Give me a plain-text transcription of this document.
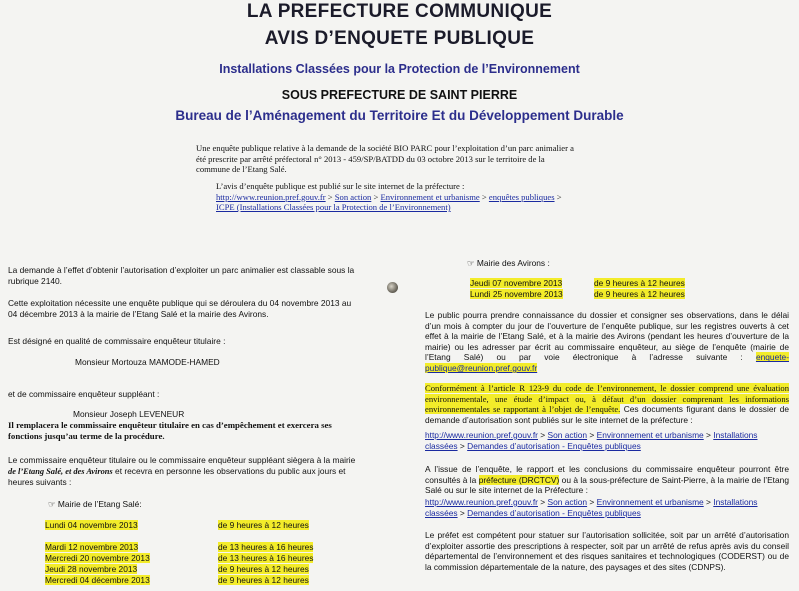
LA PREFECTURE COMMUNIQUE
AVIS D’ENQUETE PUBLIQUE
Installations Classées pour la Protection de l’Environnement
SOUS PREFECTURE DE SAINT PIERRE
Bureau de l’Aménagement du Territoire Et du Développement Durable
Une enquête publique relative à la demande de la société BIO PARC pour l’exploitation d’un parc animalier a été prescrite par arrêté préfectoral n° 2013 - 459/SP/BATDD du 03 octobre 2013 sur le territoire de la commune de l’Etang Salé.
L’avis d’enquête publique est publié sur le site internet de la préfecture :
http://www.reunion.pref.gouv.fr > Son action > Environnement et urbanisme > enquêtes publiques > ICPE (Installations Classées pour la Protection de l’Environnement)
La demande à l’effet d’obtenir l’autorisation d’exploiter un parc animalier est classable sous la rubrique 2140.
Cette exploitation nécessite une enquête publique qui se déroulera du 04 novembre 2013 au 04 décembre 2013 à la mairie de l’Etang Salé et la mairie des Avirons.
Est désigné en qualité de commissaire enquêteur titulaire :
Monsieur Mortouza MAMODE-HAMED
et de commissaire enquêteur suppléant :
Monsieur Joseph LEVENEUR
Il remplacera le commissaire enquêteur titulaire en cas d’empêchement et exercera ses fonctions jusqu’au terme de la procédure.
Le commissaire enquêteur titulaire ou le commissaire enquêteur suppléant siègera à la mairie de l’Etang Salé, et des Avirons et recevra en personne les observations du public aux jours et heures suivants :
☞ Mairie de l’Etang Salé:
Lundi 04 novembre 2013	de 9 heures à 12 heures
Mardi 12 novembre 2013	de 13 heures à 16 heures
Mercredi 20 novembre 2013	de 13 heures à 16 heures
Jeudi 28 novembre 2013	de 9 heures à 12 heures
Mercredi 04 décembre 2013	de 9 heures à 12 heures
☞ Mairie des Avirons :
Jeudi 07 novembre 2013	de 9 heures à 12 heures
Lundi 25 novembre 2013	de 9 heures à 12 heures
Le public pourra prendre connaissance du dossier et consigner ses observations, dans le délai d’un mois à compter du jour de l’ouverture de l’enquête publique, sur les registres ouverts à cet effet à la mairie de l’Etang Salé, et à la mairie des Avirons (pendant les heures d’ouverture de la mairie) ou les adresser par écrit au commissaire enquêteur, au siège de l’enquête (mairie de l’Etang Salé) ou par voie électronique à l’adresse suivante : enquete-publique@reunion.pref.gouv.fr
Conformément à l’article R 123-9 du code de l’environnement, le dossier comprend une évaluation environnementale, une étude d’impact ou, à défaut d’un dossier comprenant les informations environnementales se rapportant à l’objet de l’enquête. Ces documents figurant dans le dossier de demande d’autorisation sont publiés sur le site internet de la préfecture :
http://www.reunion.pref.gouv.fr > Son action > Environnement et urbanisme > Installations classées > Demandes d’autorisation - Enquêtes publiques
A l’issue de l’enquête, le rapport et les conclusions du commissaire enquêteur pourront être consultés à la préfecture (DRCTCV) ou à la sous-préfecture de Saint-Pierre, à la mairie de l’Etang Salé ou sur le site internet de la Préfecture :
http://www.reunion.pref.gouv.fr > Son action > Environnement et urbanisme > Installations classées > Demandes d’autorisation - Enquêtes publiques
Le préfet est compétent pour statuer sur l’autorisation sollicitée, soit par un arrêté d’autorisation d’exploiter assortie des prescriptions à respecter, soit par un arrêté de refus après avis du conseil départemental de l’environnement et des risques sanitaires et technologiques (CODERST) ou de la commission départementale de la nature, des paysages et des sites (CDNPS).
